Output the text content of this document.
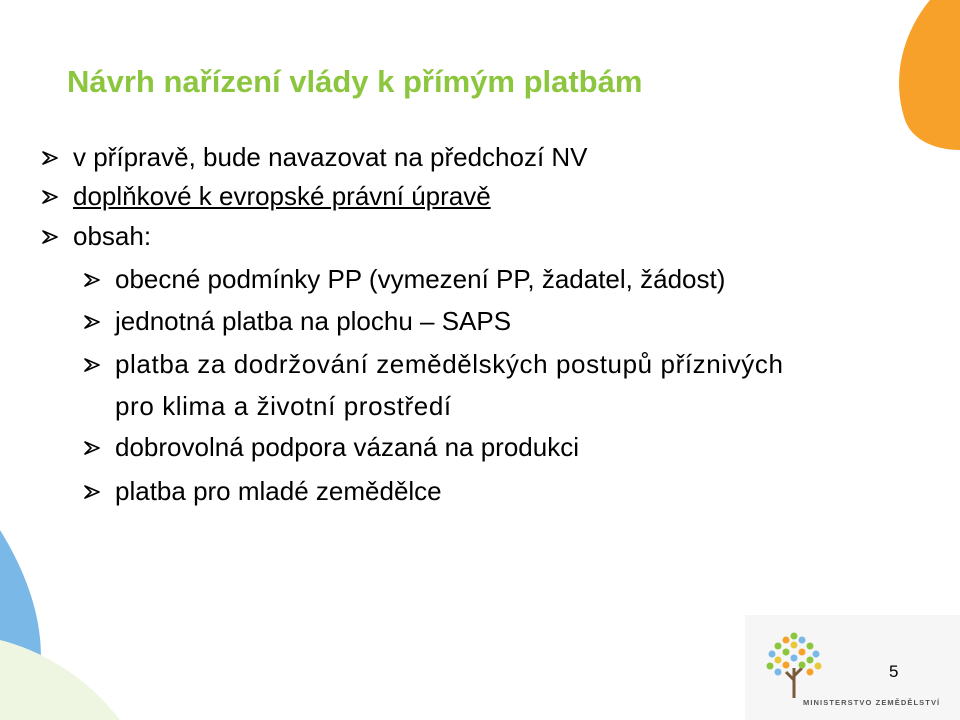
Návrh nařízení vlády k přímým platbám
v přípravě, bude navazovat na předchozí NV
doplňkové k evropské právní úpravě
obsah:
obecné podmínky PP (vymezení PP, žadatel, žádost)
jednotná platba na plochu – SAPS
platba za dodržování zemědělských postupů příznivých
pro klima a životní prostředí
dobrovolná podpora vázaná na produkci
platba pro mladé zemědělce
MINISTERSTVO ZEMĚDĚLSTVÍ
5
